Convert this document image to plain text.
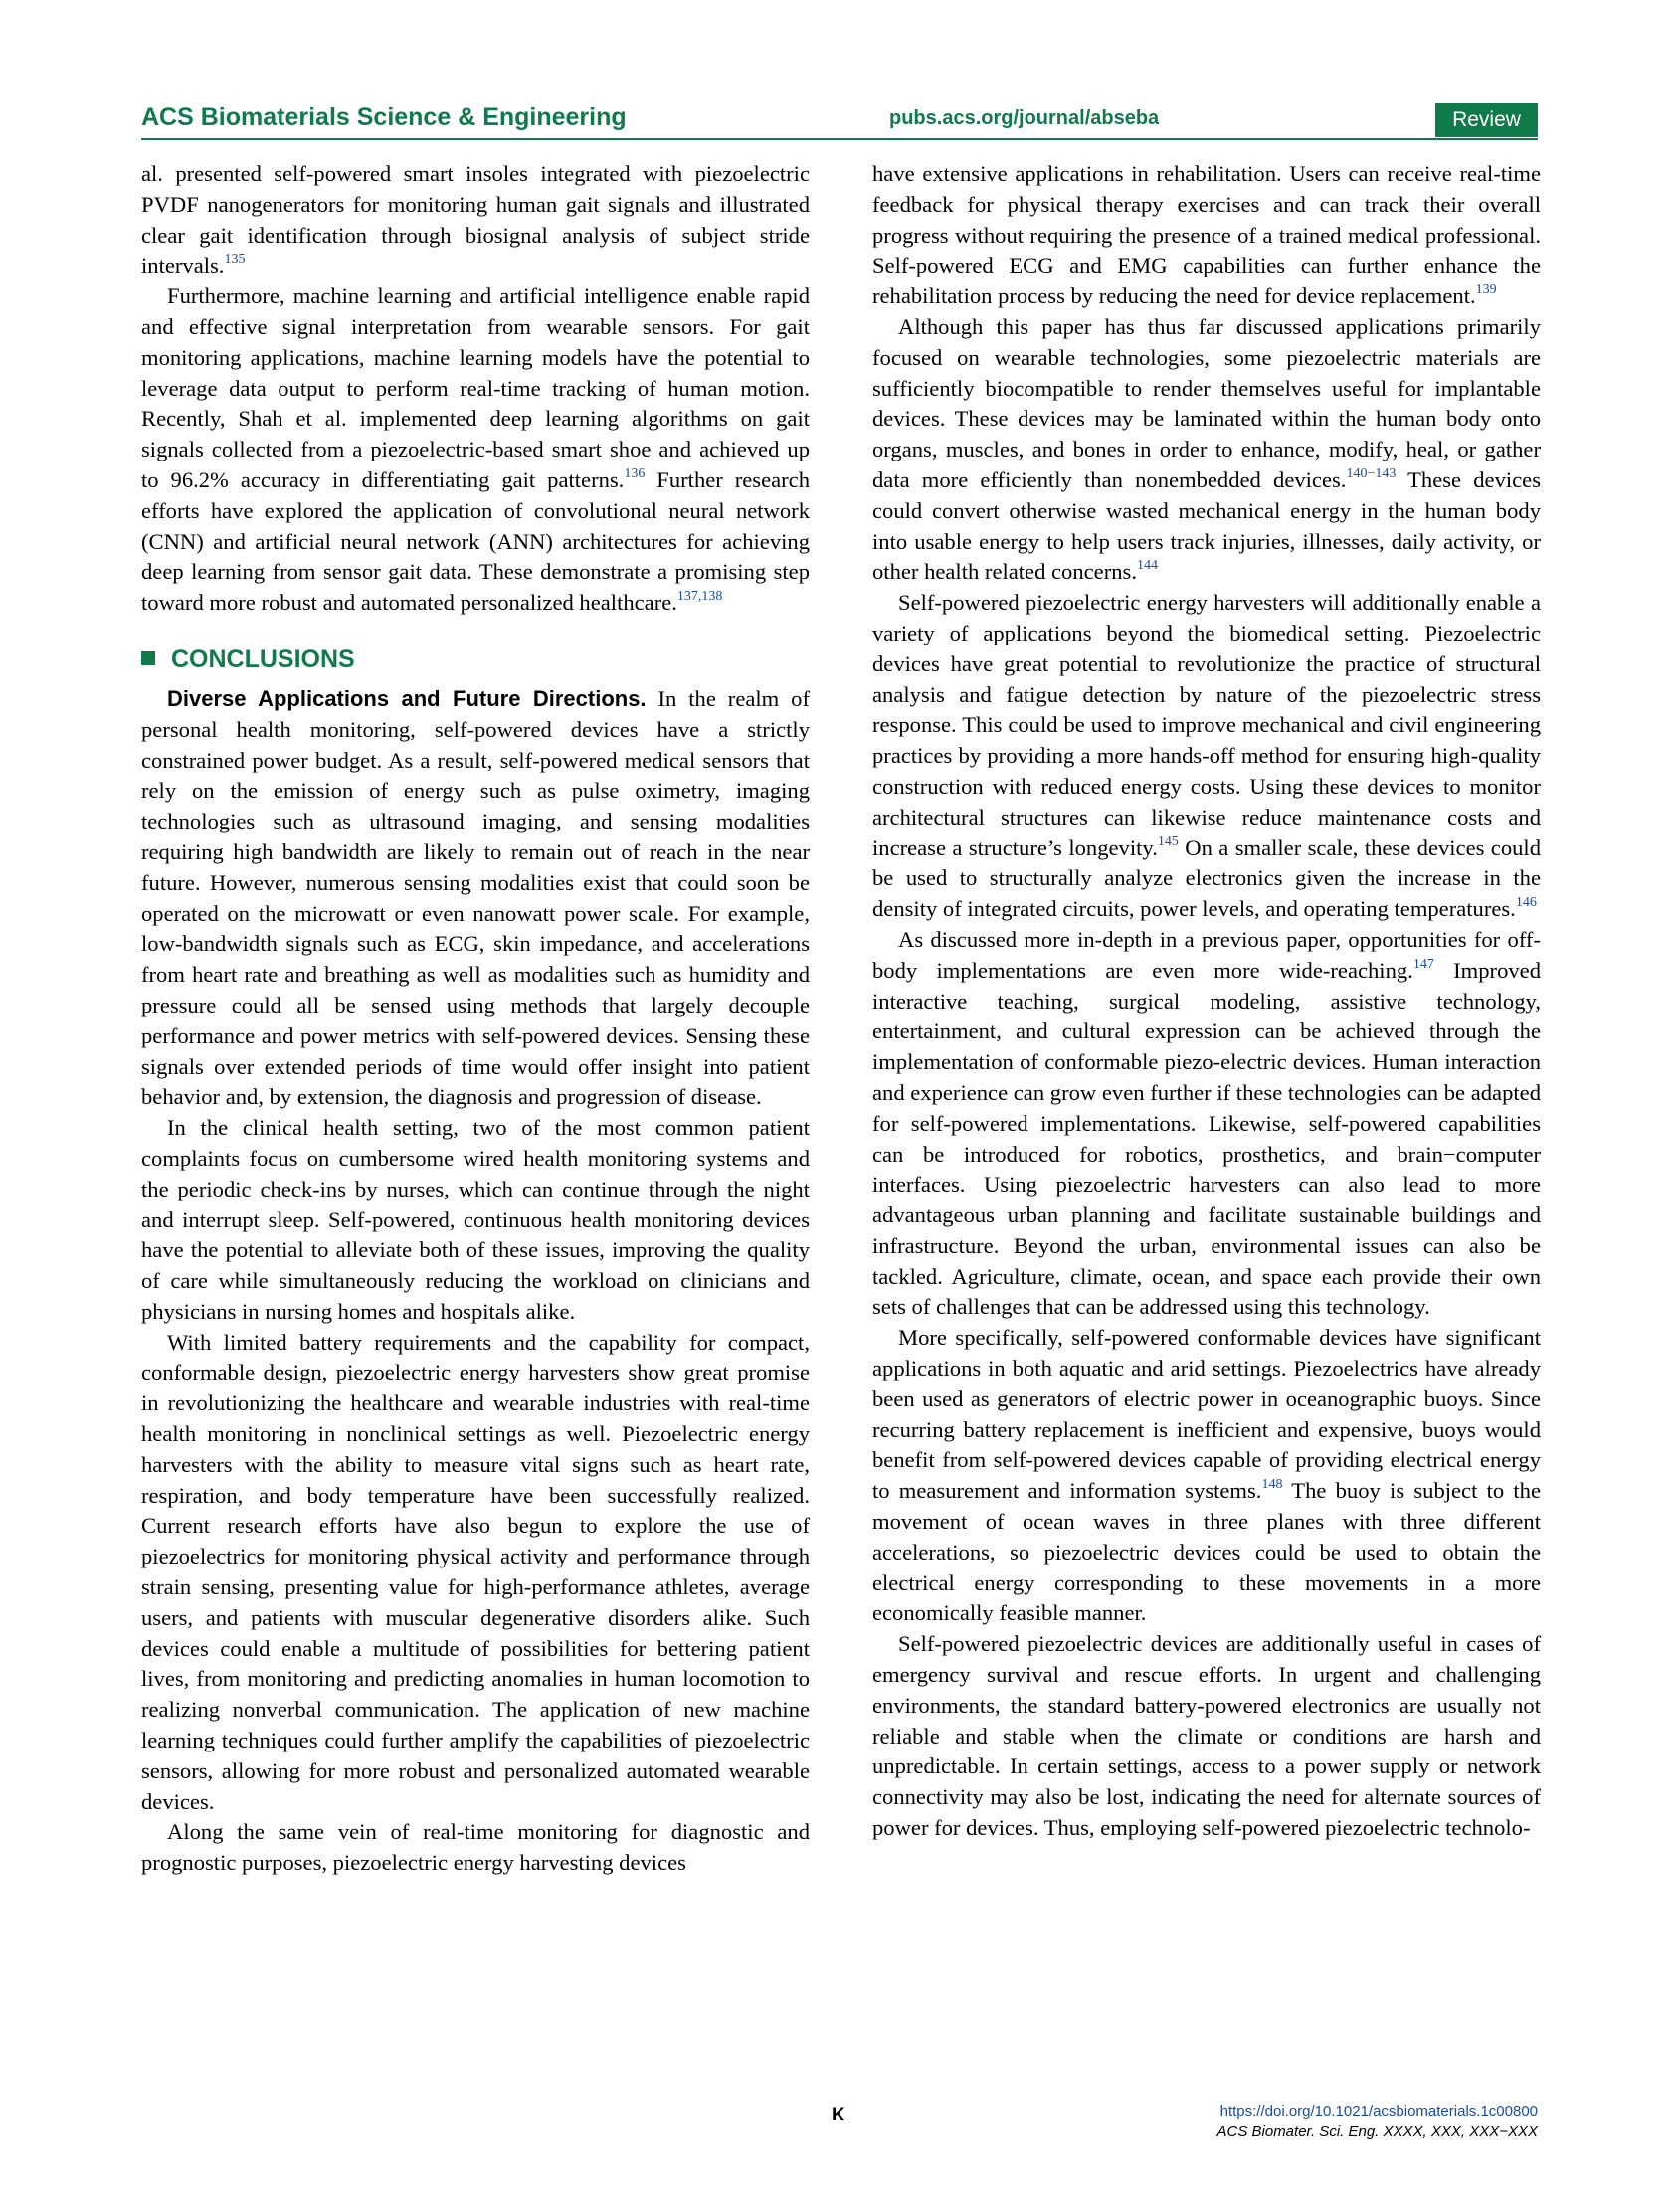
ACS Biomaterials Science & Engineering	pubs.acs.org/journal/abseba	Review

al. presented self-powered smart insoles integrated with piezoelectric PVDF nanogenerators for monitoring human gait signals and illustrated clear gait identification through biosignal analysis of subject stride intervals.$^{135}$

Furthermore, machine learning and artificial intelligence enable rapid and effective signal interpretation from wearable sensors. For gait monitoring applications, machine learning models have the potential to leverage data output to perform real-time tracking of human motion. Recently, Shah et al. implemented deep learning algorithms on gait signals collected from a piezoelectric-based smart shoe and achieved up to 96.2% accuracy in differentiating gait patterns.$^{136}$ Further research efforts have explored the application of convolutional neural network (CNN) and artificial neural network (ANN) architectures for achieving deep learning from sensor gait data. These demonstrate a promising step toward more robust and automated personalized healthcare.$^{137,138}$

CONCLUSIONS

Diverse Applications and Future Directions. In the realm of personal health monitoring, self-powered devices have a strictly constrained power budget. As a result, self-powered medical sensors that rely on the emission of energy such as pulse oximetry, imaging technologies such as ultrasound imaging, and sensing modalities requiring high bandwidth are likely to remain out of reach in the near future. However, numerous sensing modalities exist that could soon be operated on the microwatt or even nanowatt power scale. For example, low-bandwidth signals such as ECG, skin impedance, and accelerations from heart rate and breathing as well as modalities such as humidity and pressure could all be sensed using methods that largely decouple performance and power metrics with self-powered devices. Sensing these signals over extended periods of time would offer insight into patient behavior and, by extension, the diagnosis and progression of disease.

In the clinical health setting, two of the most common patient complaints focus on cumbersome wired health monitoring systems and the periodic check-ins by nurses, which can continue through the night and interrupt sleep. Self-powered, continuous health monitoring devices have the potential to alleviate both of these issues, improving the quality of care while simultaneously reducing the workload on clinicians and physicians in nursing homes and hospitals alike.

With limited battery requirements and the capability for compact, conformable design, piezoelectric energy harvesters show great promise in revolutionizing the healthcare and wearable industries with real-time health monitoring in nonclinical settings as well. Piezoelectric energy harvesters with the ability to measure vital signs such as heart rate, respiration, and body temperature have been successfully realized. Current research efforts have also begun to explore the use of piezoelectrics for monitoring physical activity and performance through strain sensing, presenting value for high-performance athletes, average users, and patients with muscular degenerative disorders alike. Such devices could enable a multitude of possibilities for bettering patient lives, from monitoring and predicting anomalies in human locomotion to realizing nonverbal communication. The application of new machine learning techniques could further amplify the capabilities of piezoelectric sensors, allowing for more robust and personalized automated wearable devices.

Along the same vein of real-time monitoring for diagnostic and prognostic purposes, piezoelectric energy harvesting devices

have extensive applications in rehabilitation. Users can receive real-time feedback for physical therapy exercises and can track their overall progress without requiring the presence of a trained medical professional. Self-powered ECG and EMG capabilities can further enhance the rehabilitation process by reducing the need for device replacement.$^{139}$

Although this paper has thus far discussed applications primarily focused on wearable technologies, some piezoelectric materials are sufficiently biocompatible to render themselves useful for implantable devices. These devices may be laminated within the human body onto organs, muscles, and bones in order to enhance, modify, heal, or gather data more efficiently than nonembedded devices.$^{140-143}$ These devices could convert otherwise wasted mechanical energy in the human body into usable energy to help users track injuries, illnesses, daily activity, or other health related concerns.$^{144}$

Self-powered piezoelectric energy harvesters will additionally enable a variety of applications beyond the biomedical setting. Piezoelectric devices have great potential to revolutionize the practice of structural analysis and fatigue detection by nature of the piezoelectric stress response. This could be used to improve mechanical and civil engineering practices by providing a more hands-off method for ensuring high-quality construction with reduced energy costs. Using these devices to monitor architectural structures can likewise reduce maintenance costs and increase a structure’s longevity.$^{145}$ On a smaller scale, these devices could be used to structurally analyze electronics given the increase in the density of integrated circuits, power levels, and operating temperatures.$^{146}$

As discussed more in-depth in a previous paper, opportunities for off-body implementations are even more wide-reaching.$^{147}$ Improved interactive teaching, surgical modeling, assistive technology, entertainment, and cultural expression can be achieved through the implementation of conformable piezo-electric devices. Human interaction and experience can grow even further if these technologies can be adapted for self-powered implementations. Likewise, self-powered capabilities can be introduced for robotics, prosthetics, and brain−computer interfaces. Using piezoelectric harvesters can also lead to more advantageous urban planning and facilitate sustainable buildings and infrastructure. Beyond the urban, environmental issues can also be tackled. Agriculture, climate, ocean, and space each provide their own sets of challenges that can be addressed using this technology.

More specifically, self-powered conformable devices have significant applications in both aquatic and arid settings. Piezoelectrics have already been used as generators of electric power in oceanographic buoys. Since recurring battery replacement is inefficient and expensive, buoys would benefit from self-powered devices capable of providing electrical energy to measurement and information systems.$^{148}$ The buoy is subject to the movement of ocean waves in three planes with three different accelerations, so piezoelectric devices could be used to obtain the electrical energy corresponding to these movements in a more economically feasible manner.

Self-powered piezoelectric devices are additionally useful in cases of emergency survival and rescue efforts. In urgent and challenging environments, the standard battery-powered electronics are usually not reliable and stable when the climate or conditions are harsh and unpredictable. In certain settings, access to a power supply or network connectivity may also be lost, indicating the need for alternate sources of power for devices. Thus, employing self-powered piezoelectric technolo-

K	https://doi.org/10.1021/acsbiomaterials.1c00800
ACS Biomater. Sci. Eng. XXXX, XXX, XXX−XXX
